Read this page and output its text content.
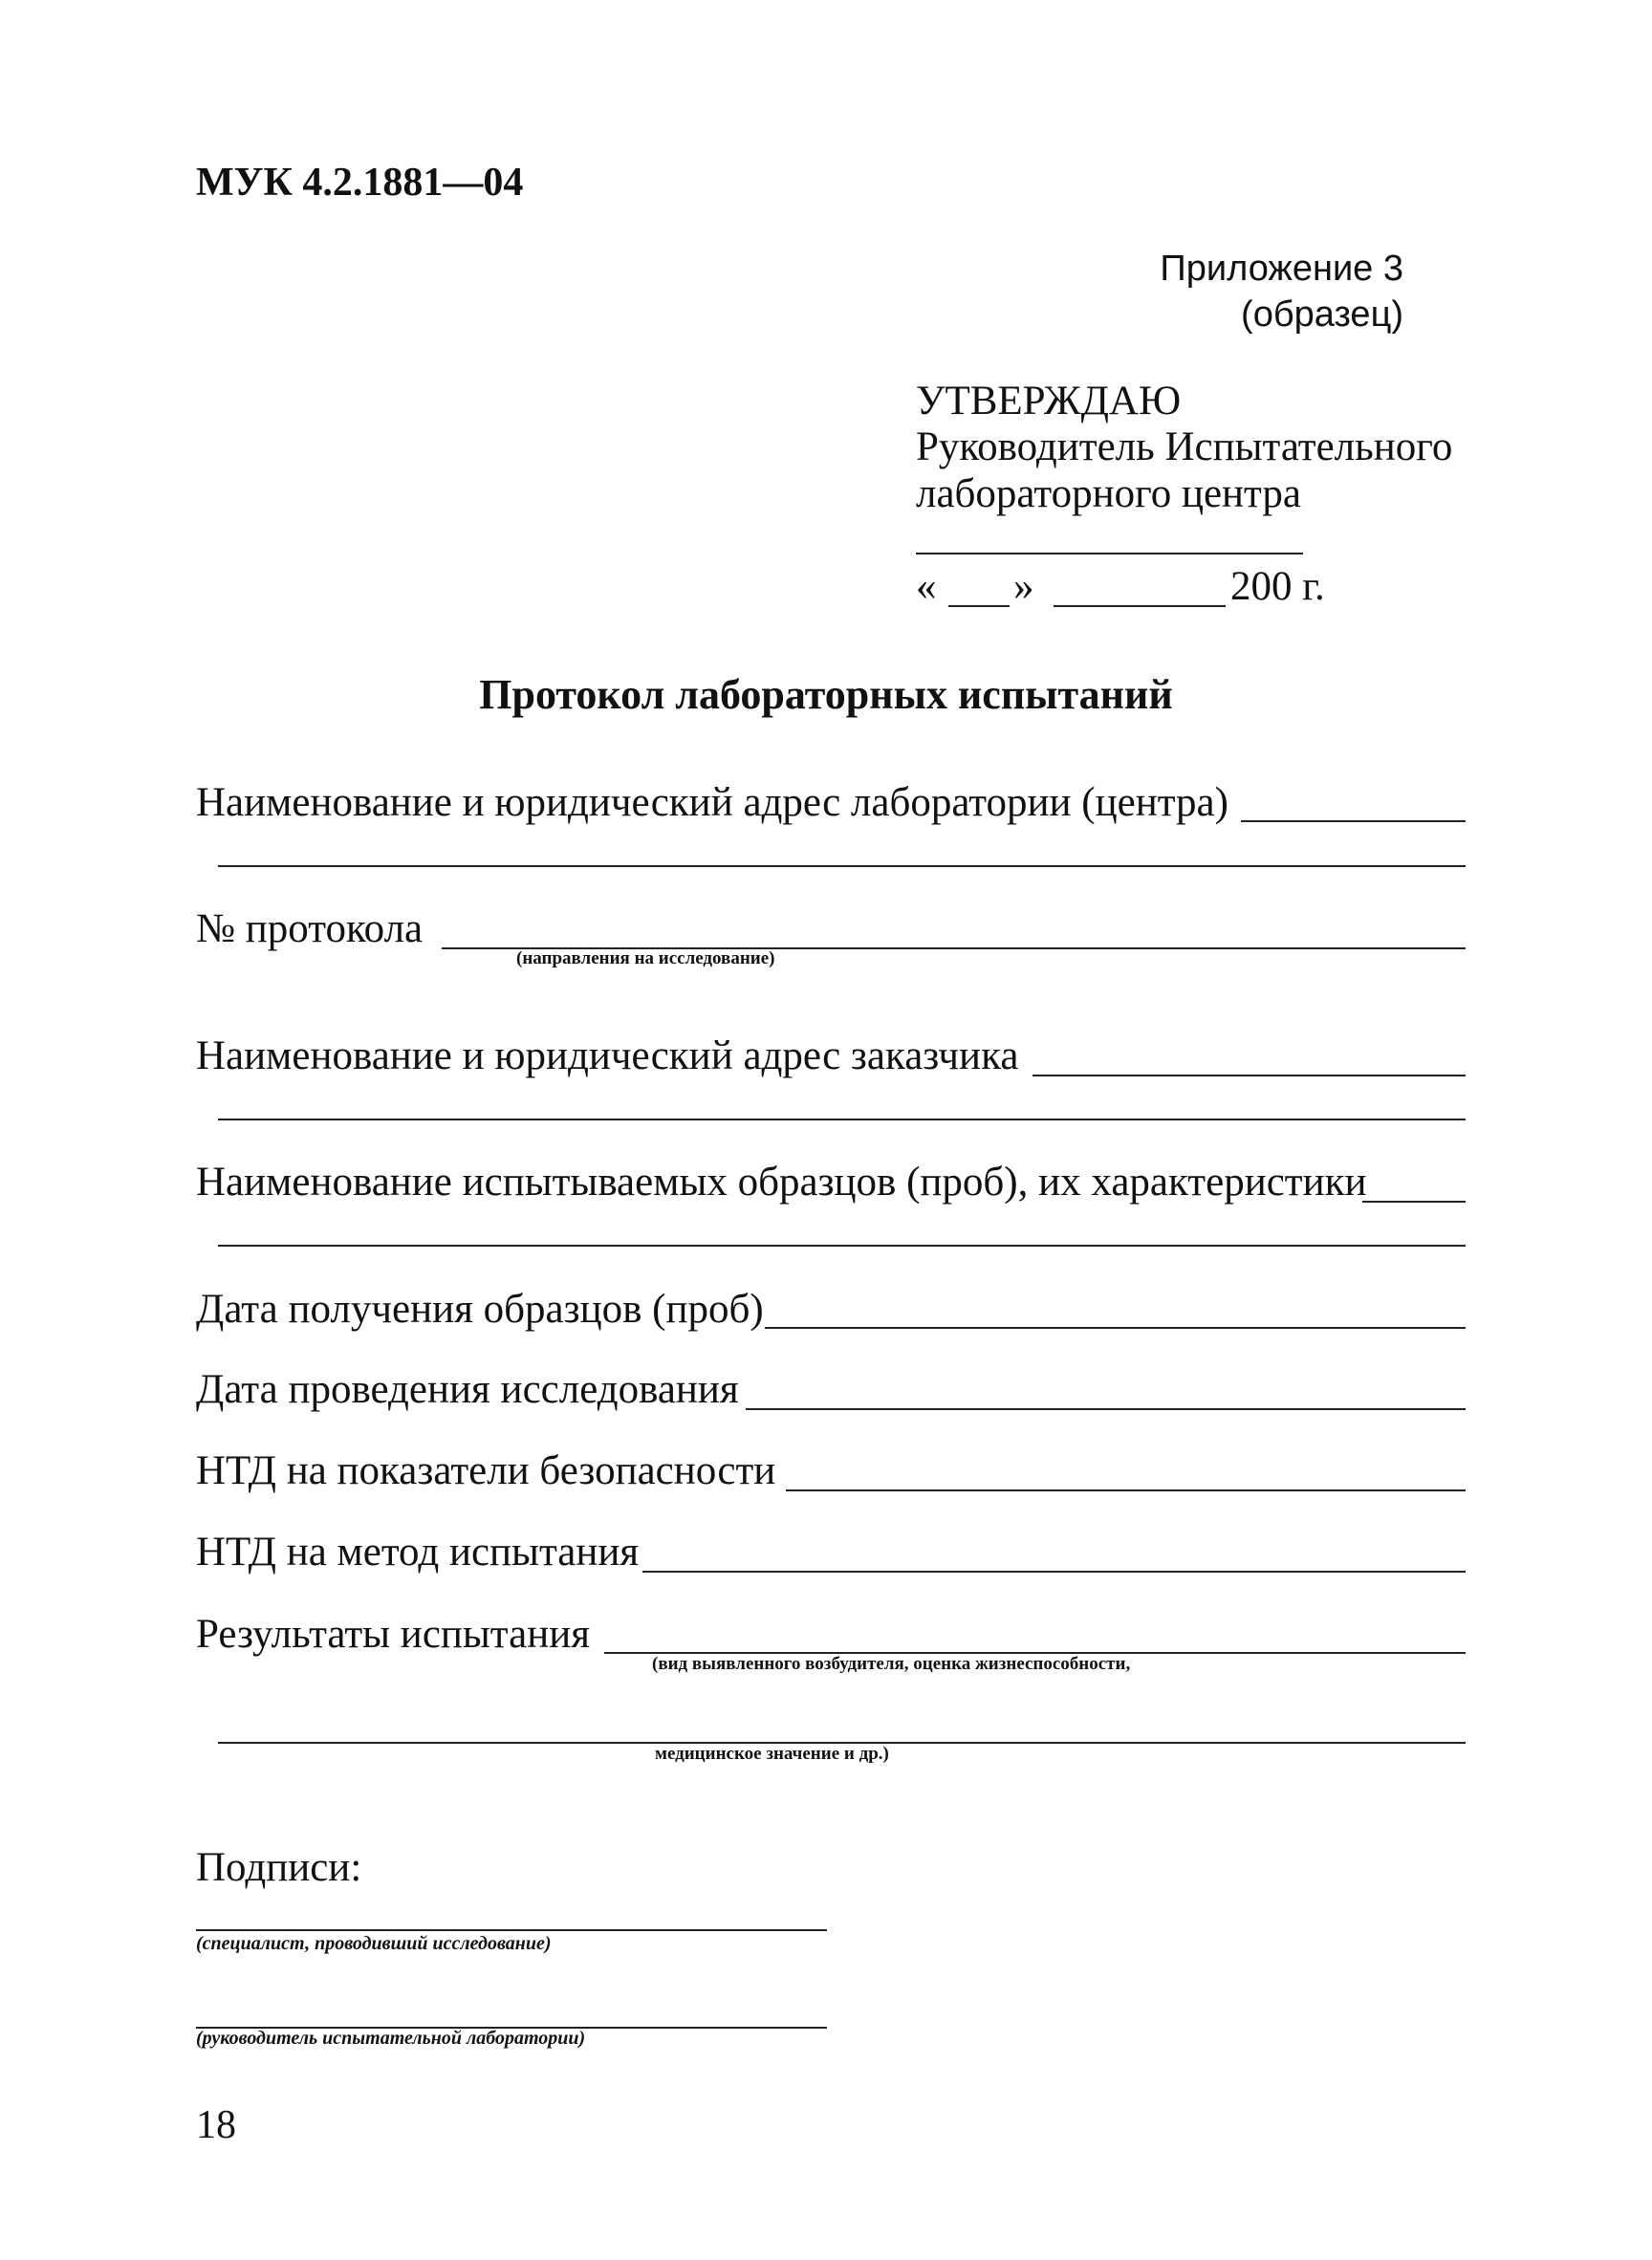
МУК 4.2.1881—04
Приложение 3
(образец)
УТВЕРЖДАЮ
Руководитель Испытательного
лабораторного центра
« »	200 г.
Протокол лабораторных испытаний
Наименование и юридический адрес лаборатории (центра)
№ протокола
(направления на исследование)
Наименование и юридический адрес заказчика
Наименование испытываемых образцов (проб), их характеристики
Дата получения образцов (проб)
Дата проведения исследования
НТД на показатели безопасности
НТД на метод испытания
Результаты испытания
(вид выявленного возбудителя, оценка жизнеспособности,
медицинское значение и др.)
Подписи:
(специалист, проводивший исследование)
(руководитель испытательной лаборатории)
18
